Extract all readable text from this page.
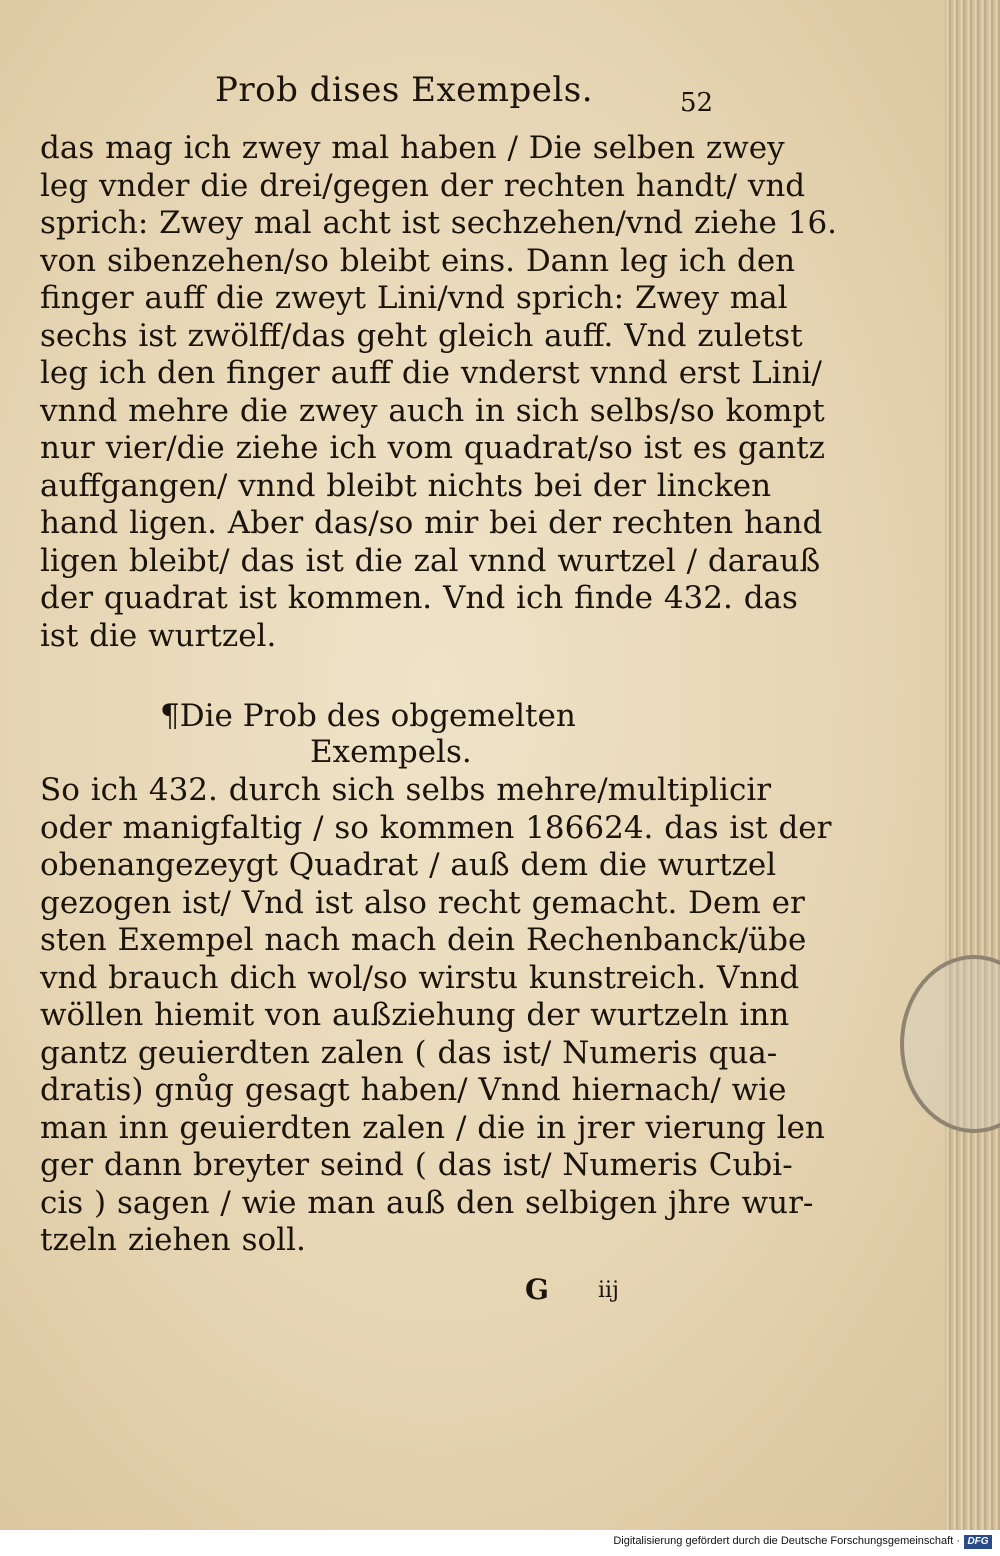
Prob dises Exempels.	52
das mag ich zwey mal haben / Die selben zwey
leg vnder die drei/gegen der rechten handt/ vnd
sprich: Zwey mal acht ist sechzehen/vnd ziehe 16.
von sibenzehen/so bleibt eins. Dann leg ich den
finger auff die zweyt Lini/vnd sprich: Zwey mal
sechs ist zwölff/das geht gleich auff. Vnd zuletst
leg ich den finger auff die vnderst vnnd erst Lini/
vnnd mehre die zwey auch in sich selbs/so kompt
nur vier/die ziehe ich vom quadrat/so ist es gantz
auffgangen/ vnnd bleibt nichts bei der lincken
hand ligen. Aber das/so mir bei der rechten hand
ligen bleibt/ das ist die zal vnnd wurtzel / darauß
der quadrat ist kommen. Vnd ich finde 432. das
ist die wurtzel.
¶Die Prob des obgemelten
Exempels.
So ich 432. durch sich selbs mehre/multiplicir
oder manigfaltig / so kommen 186624. das ist der
obenangezeygt Quadrat / auß dem die wurtzel
gezogen ist/ Vnd ist also recht gemacht. Dem er
sten Exempel nach mach dein Rechenbanck/übe
vnd brauch dich wol/so wirstu kunstreich. Vnnd
wöllen hiemit von außziehung der wurtzeln inn
gantz geuierdten zalen ( das ist/ Numeris qua-
dratis) gnůg gesagt haben/ Vnnd hiernach/ wie
man inn geuierdten zalen / die in jrer vierung len
ger dann breyter seind ( das ist/ Numeris Cubi-
cis ) sagen / wie man auß den selbigen jhre wur-
tzeln ziehen soll.
G iij
Digitalisierung gefördert durch die Deutsche Forschungsgemeinschaft · DFG
